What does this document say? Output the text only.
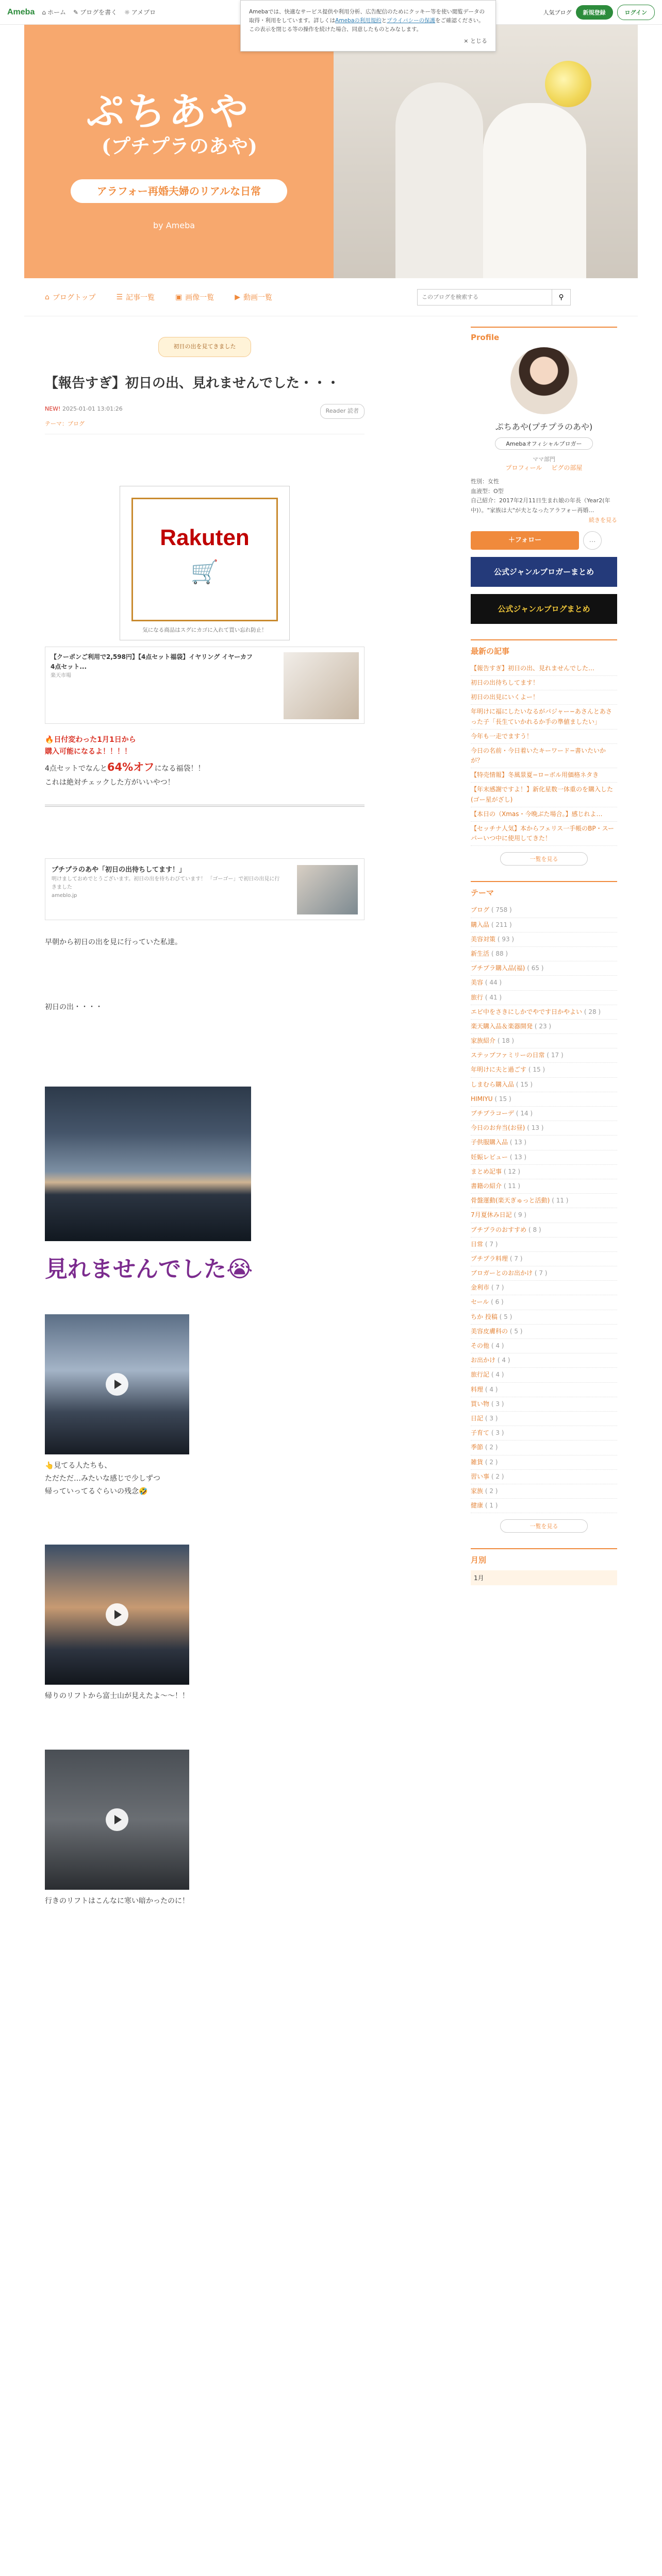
Ameba ⌂ ホーム ✎ ブログを書く ☼ アメブロ	人気ブログ	新規登録	ログイン
Amebaでは、快適なサービス提供や利用分析、広告配信のためにクッキー等を使い閲覧データの取得・利用をしています。詳しくはAmebaの利用規約とプライバシーの保護をご確認ください。この表示を閉じる等の操作を続けた場合、同意したものとみなします。
× とじる
ぷちあや
(プチプラのあや)
アラフォー再婚夫婦のリアルな日常
by Ameba
⌂ ブログトップ	☰ 記事一覧	▣ 画像一覧	▶ 動画一覧
このブログを検索する	⚲
初日の出を見てきました
【報告すぎ】初日の出、見れませんでした・・・
NEW! 2025-01-01 13:01:26	Reader 読者
テーマ：ブログ
Rakuten
🛒
気になる商品はスグにカゴに入れて買い忘れ防止！
【クーポンご利用で2,598円】【4点セット福袋】イヤリング イヤーカフ 4点セット...
楽天市場
🔥日付変わった1月1日から
購入可能になるよ！！！！
4点セットでなんと64%オフになる福袋！！
これは絶対チェックした方がいいやつ！
プチプラのあや「初日の出待ちしてます！」
明けましておめでとうございます。初日の出を待ちわびています！ 「ゴーゴー」で初日の出見に行きました
ameblo.jp

早朝から初日の出を見に行っていた私達。

初日の出・・・・

見れませんでした😭
👆見てる人たちも、
ただただ…みたいな感じで少しずつ
帰っていってるぐらいの残念🤣
帰りのリフトから富士山が見えたよ〜〜！！
行きのリフトはこんなに寒い暗かったのに！
Profile
ぷちあや(プチプラのあや)
Amebaオフィシャルブロガー
ママ部門
プロフィール ピグの部屋
性別：女性
血液型：O型
自己紹介：2017年2月11日生まれ娘の年長（Year2(年中)）。"家族は大"が夫となったアラフォー再婚…
続きを見る
＋フォロー	…
公式ジャンルブロガーまとめ
公式ジャンルブログまとめ
最新の記事
【報告すぎ】初日の出、見れませんでした…
初日の出待ちしてます！
初日の出見にいくよー！
年明けに福にしたいなるがパジャー−あさんとあさった子「長生ていかれるか手の準値ましたい」
今年も一走でますう！
今日の名前・今日着いたキーワード−書いたいかが？
【特売情報】冬風景夏−ロ−ボル用価格ネタき
【年末感謝ですよ！】新化星数一体重のを購入した(ゴー星がざし)
【本日の（Xmas・今晩ぶた場合。】感じれよ…
【セッチナ人気】本からフェリス一手帳のBP・スーパーいつ中に使用してきた！
一覧を見る
テーマ
ブログ ( 758 )
購入品 ( 211 )
美容対策 ( 93 )
新生活 ( 88 )
プチプラ購入品(福) ( 65 )
美容 ( 44 )
旅行 ( 41 )
エビ中をさきにしかでやです日かやよい ( 28 )
楽天購入品＆楽器開発 ( 23 )
家族紹介 ( 18 )
ステップファミリーの日常 ( 17 )
年明けに夫と過ごす ( 15 )
しまむら購入品 ( 15 )
HIMIYU ( 15 )
プチプラコーデ ( 14 )
今日のお弁当(お昼) ( 13 )
子供服購入品 ( 13 )
妊娠レビュー ( 13 )
まとめ記事 ( 12 )
書籍の紹介 ( 11 )
骨盤運動(楽天ぎゅっと活動) ( 11 )
7月夏休み日記 ( 9 )
プチプラのおすすめ ( 8 )
日常 ( 7 )
プチプラ料理 ( 7 )
ブロガーとのお出かけ ( 7 )
金利市 ( 7 )
セール ( 6 )
ちか 投稿 ( 5 )
美容皮膚科の ( 5 )
その他 ( 4 )
お出かけ ( 4 )
旅行記 ( 4 )
料理 ( 4 )
買い物 ( 3 )
日記 ( 3 )
子育て ( 3 )
季節 ( 2 )
雑貨 ( 2 )
習い事 ( 2 )
家族 ( 2 )
健康 ( 1 )
一覧を見る
月別
1月
